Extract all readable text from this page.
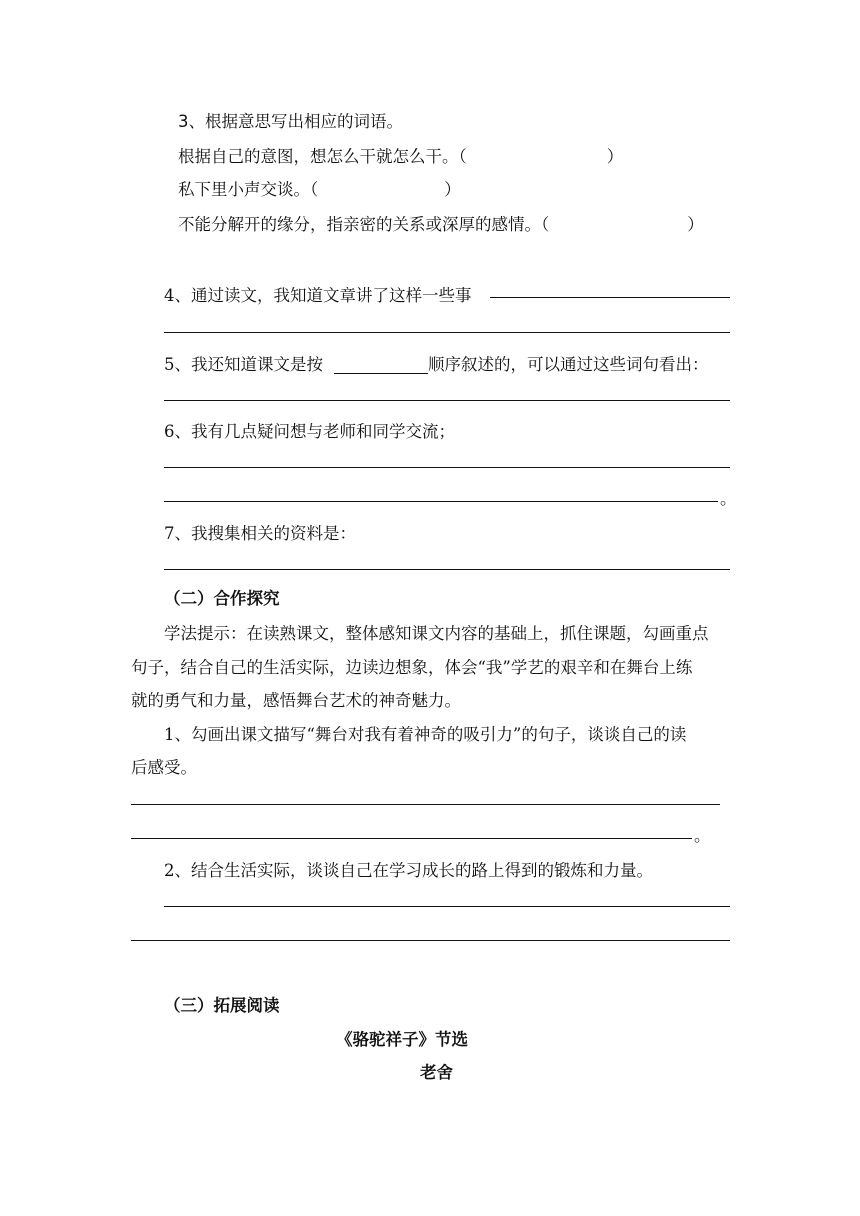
3、根据意思写出相应的词语。
根据自己的意图，想怎么干就怎么干。（	）
私下里小声交谈。（	）
不能分解开的缘分，指亲密的关系或深厚的感情。（	）
4、通过读文，我知道文章讲了这样一些事
5、我还知道课文是按	顺序叙述的，可以通过这些词句看出：
6、我有几点疑问想与老师和同学交流；
。
7、我搜集相关的资料是：
（二）合作探究
学法提示：在读熟课文，整体感知课文内容的基础上，抓住课题，勾画重点
句子，结合自己的生活实际，边读边想象，体会“我”学艺的艰辛和在舞台上练
就的勇气和力量，感悟舞台艺术的神奇魅力。
1、勾画出课文描写“舞台对我有着神奇的吸引力”的句子，谈谈自己的读
后感受。
。
2、结合生活实际，谈谈自己在学习成长的路上得到的锻炼和力量。
（三）拓展阅读
《骆驼祥子》节选
老舍
